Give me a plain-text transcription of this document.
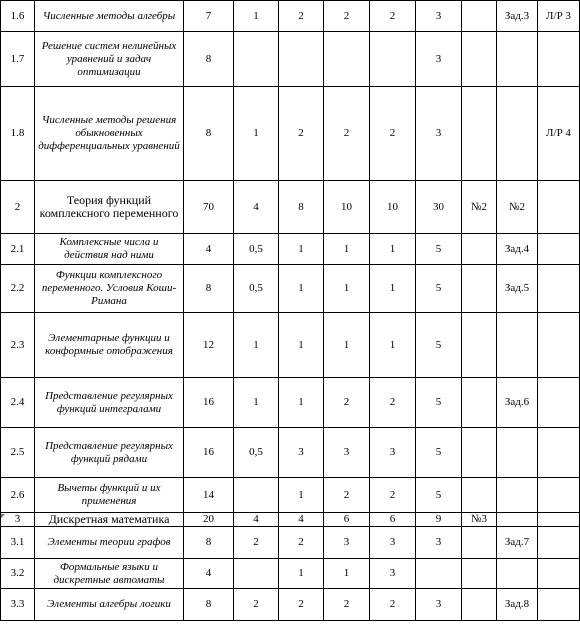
1.6	Численные методы алгебры	7	1	2	2	2	3		Зад.3	Л/Р 3
1.7	Решение систем нелинейных уравнений и задач оптимизации	8					3			
1.8	Численные методы решения обыкновенных дифференциальных уравнений	8	1	2	2	2	3			Л/Р 4
2	Теория функций комплексного переменного	70	4	8	10	10	30	№2	№2	
2.1	Комплексные числа и действия над ними	4	0,5	1	1	1	5		Зад.4	
2.2	Функции комплексного переменного. Условия Коши-Римана	8	0,5	1	1	1	5		Зад.5	
2.3	Элементарные функции и конформные отображения	12	1	1	1	1	5			
2.4	Представление регулярных функций интегралами	16	1	1	2	2	5		Зад.6	
2.5	Представление регулярных функций рядами	16	0,5	3	3	3	5			
2.6	Вычеты функций и их применения	14		1	2	2	5			
3	Дискретная математика	20	4	4	6	6	9	№3		
3.1	Элементы теории графов	8	2	2	3	3	3		Зад.7	
3.2	Формальные языки и дискретные автоматы	4		1	1	3				
3.3	Элементы алгебры логики	8	2	2	2	2	3		Зад.8	
